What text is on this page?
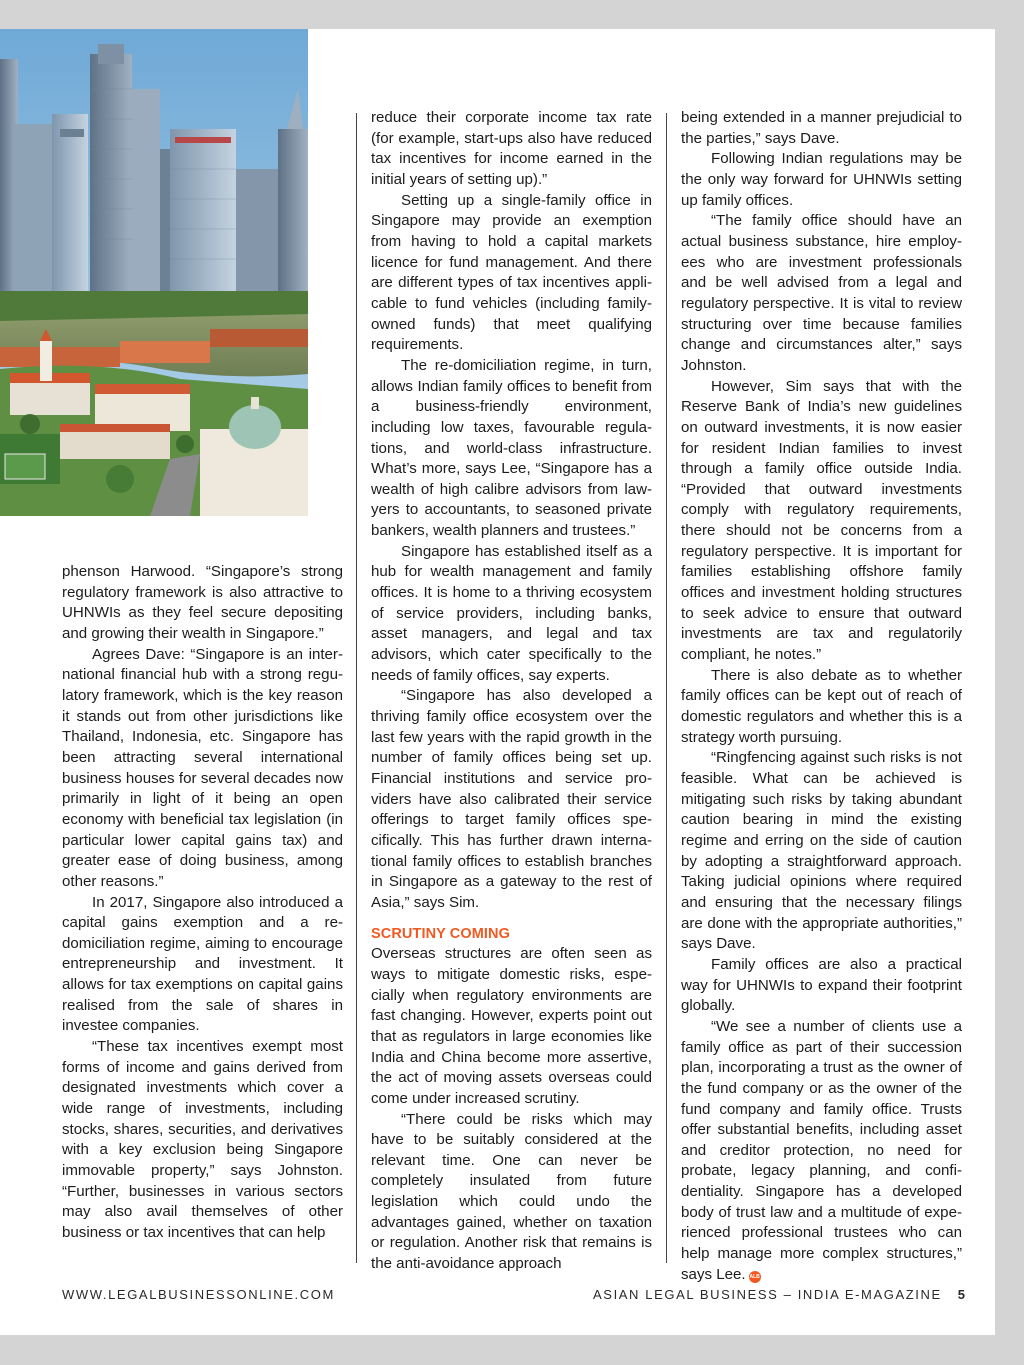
phenson Harwood. “Singapore’s strong regulatory framework is also attractive to UHNWIs as they feel secure depositing and growing their wealth in Singapore.”

Agrees Dave: “Singapore is an international financial hub with a strong regulatory framework, which is the key reason it stands out from other jurisdictions like Thailand, Indonesia, etc. Singapore has been attracting several international business houses for several decades now primarily in light of it being an open economy with beneficial tax legislation (in particular lower capital gains tax) and greater ease of doing business, among other reasons.”

In 2017, Singapore also introduced a capital gains exemption and a re-domiciliation regime, aiming to encourage entrepreneurship and investment. It allows for tax exemptions on capital gains realised from the sale of shares in investee companies.

“These tax incentives exempt most forms of income and gains derived from designated investments which cover a wide range of investments, including stocks, shares, securities, and derivatives with a key exclusion being Singapore immovable property,” says Johnston. “Further, businesses in various sectors may also avail themselves of other business or tax incentives that can help

reduce their corporate income tax rate (for example, start-ups also have reduced tax incentives for income earned in the initial years of setting up).”

Setting up a single-family office in Singapore may provide an exemption from having to hold a capital markets licence for fund management. And there are different types of tax incentives applicable to fund vehicles (including family-owned funds) that meet qualifying requirements.

The re-domiciliation regime, in turn, allows Indian family offices to benefit from a business-friendly environment, including low taxes, favourable regulations, and world-class infrastructure. What’s more, says Lee, “Singapore has a wealth of high calibre advisors from lawyers to accountants, to seasoned private bankers, wealth planners and trustees.”

Singapore has established itself as a hub for wealth management and family offices. It is home to a thriving ecosystem of service providers, including banks, asset managers, and legal and tax advisors, which cater specifically to the needs of family offices, say experts.

“Singapore has also developed a thriving family office ecosystem over the last few years with the rapid growth in the number of family offices being set up. Financial institutions and service providers have also calibrated their service offerings to target family offices specifically. This has further drawn international family offices to establish branches in Singapore as a gateway to the rest of Asia,” says Sim.

SCRUTINY COMING

Overseas structures are often seen as ways to mitigate domestic risks, especially when regulatory environments are fast changing. However, experts point out that as regulators in large economies like India and China become more assertive, the act of moving assets overseas could come under increased scrutiny.

“There could be risks which may have to be suitably considered at the relevant time. One can never be completely insulated from future legislation which could undo the advantages gained, whether on taxation or regulation. Another risk that remains is the anti-avoidance approach

being extended in a manner prejudicial to the parties,” says Dave.

Following Indian regulations may be the only way forward for UHNWIs setting up family offices.

“The family office should have an actual business substance, hire employees who are investment professionals and be well advised from a legal and regulatory perspective. It is vital to review structuring over time because families change and circumstances alter,” says Johnston.

However, Sim says that with the Reserve Bank of India’s new guidelines on outward investments, it is now easier for resident Indian families to invest through a family office outside India. “Provided that outward investments comply with regulatory requirements, there should not be concerns from a regulatory perspective. It is important for families establishing offshore family offices and investment holding structures to seek advice to ensure that outward investments are tax and regulatorily compliant, he notes.”

There is also debate as to whether family offices can be kept out of reach of domestic regulators and whether this is a strategy worth pursuing.

“Ringfencing against such risks is not feasible. What can be achieved is mitigating such risks by taking abundant caution bearing in mind the existing regime and erring on the side of caution by adopting a straightforward approach. Taking judicial opinions where required and ensuring that the necessary filings are done with the appropriate authorities,” says Dave.

Family offices are also a practical way for UHNWIs to expand their footprint globally.

“We see a number of clients use a family office as part of their succession plan, incorporating a trust as the owner of the fund company or as the owner of the fund company and family office. Trusts offer substantial benefits, including asset and creditor protection, no need for probate, legacy planning, and confidentiality. Singapore has a developed body of trust law and a multitude of experienced professional trustees who can help manage more complex structures,” says Lee. ALB

WWW.LEGALBUSINESSONLINE.COM	ASIAN LEGAL BUSINESS – INDIA E-MAGAZINE 5
